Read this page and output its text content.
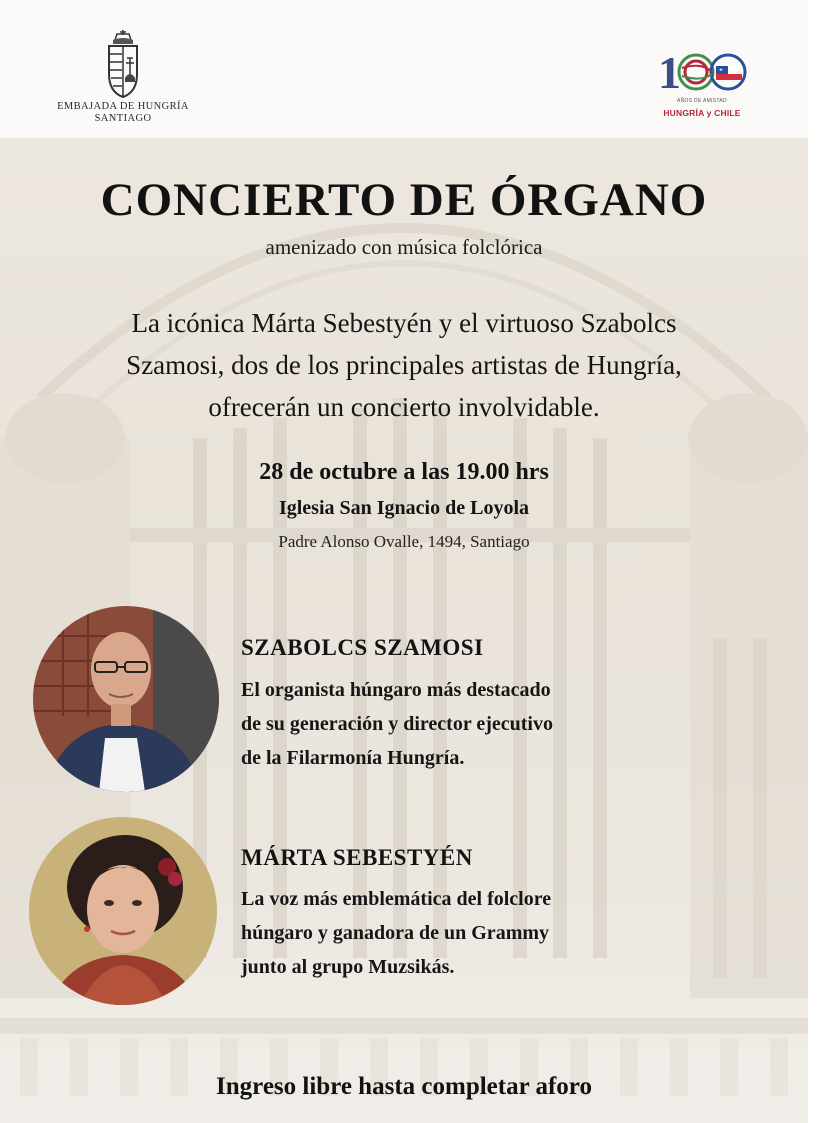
EMBAJADA DE HUNGRÍA
SANTIAGO
1
AÑOS DE AMISTAD
HUNGRÍA y CHILE
CONCIERTO DE ÓRGANO
amenizado con música folclórica
La icónica Márta Sebestyén y el virtuoso Szabolcs
Szamosi, dos de los principales artistas de Hungría,
ofrecerán un concierto involvidable.
28 de octubre a las 19.00 hrs
Iglesia San Ignacio de Loyola
Padre Alonso Ovalle, 1494, Santiago
SZABOLCS SZAMOSI
El organista húngaro más destacado
de su generación y director ejecutivo
de la Filarmonía Hungría.
MÁRTA SEBESTYÉN
La voz más emblemática del folclore
húngaro y ganadora de un Grammy
junto al grupo Muzsikás.
Ingreso libre hasta completar aforo
